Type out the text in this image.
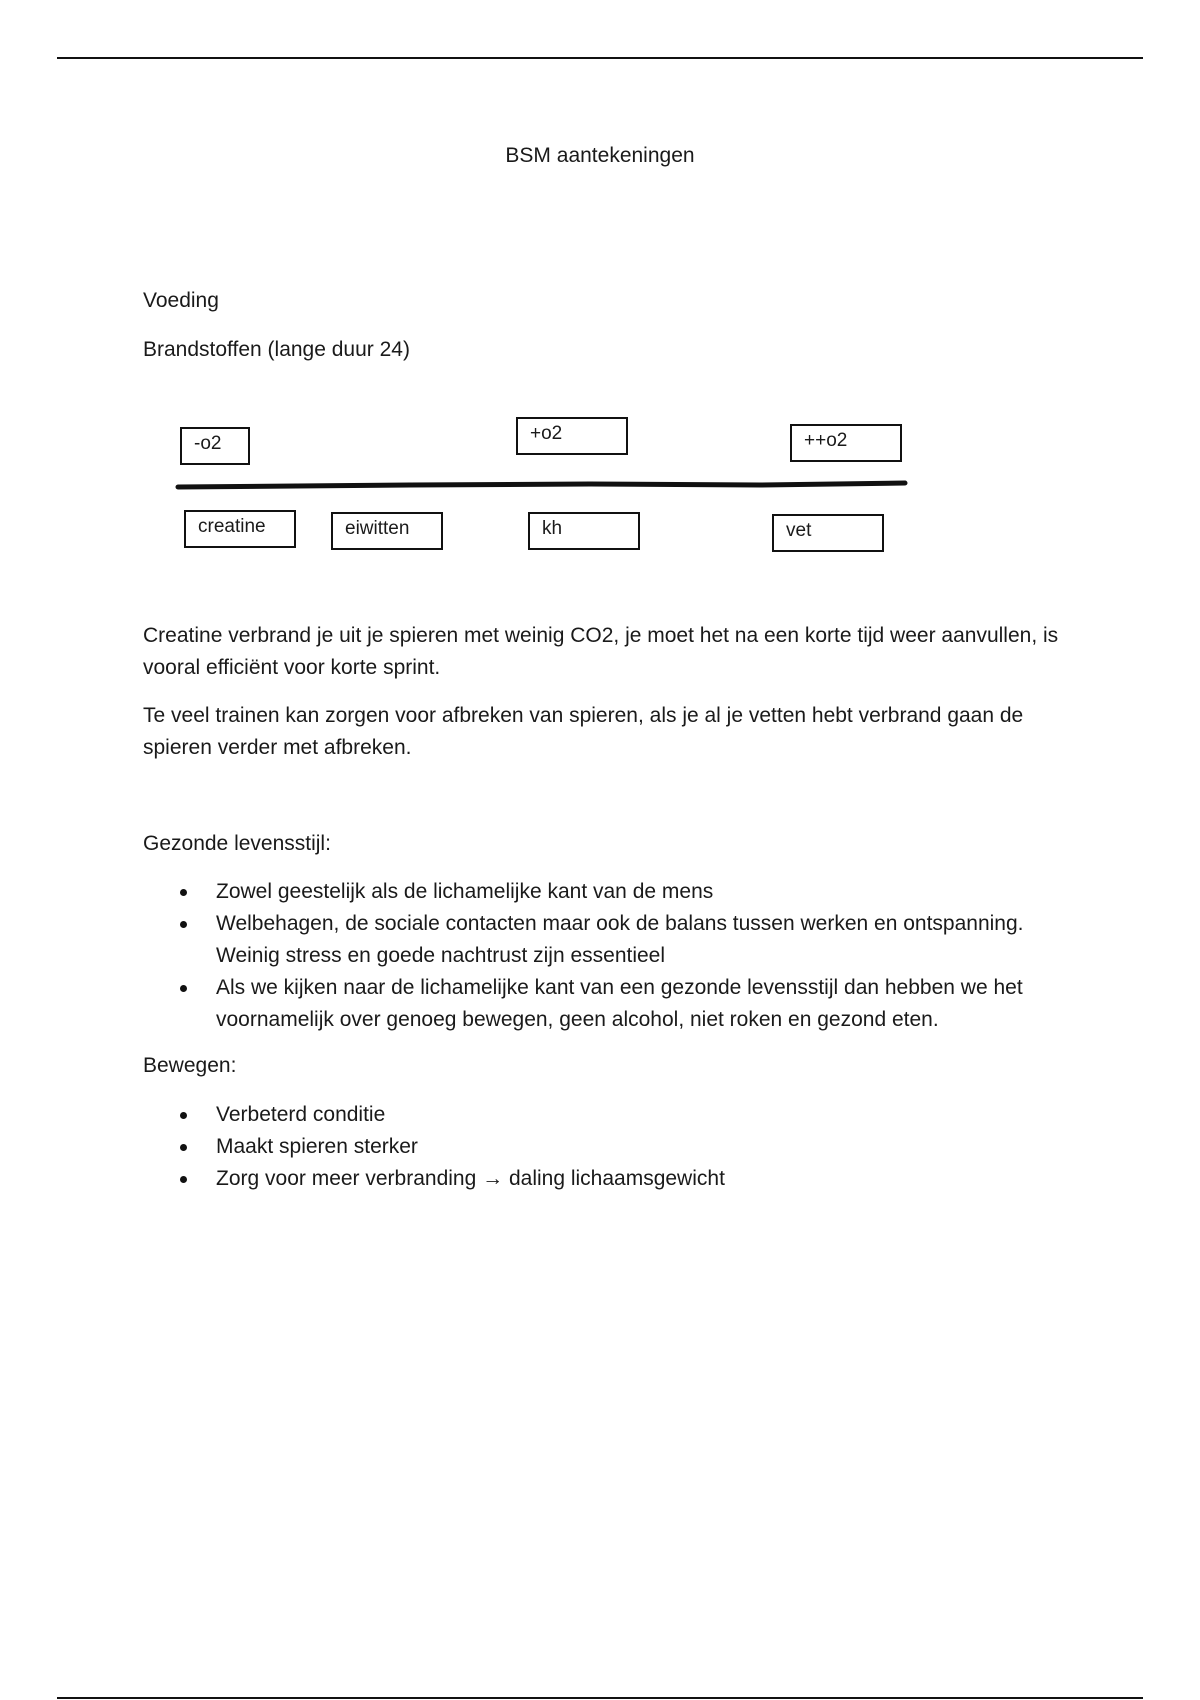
BSM aantekeningen
Voeding
Brandstoffen (lange duur 24)
-o2	+o2	++o2
creatine	eiwitten	kh	vet

Creatine verbrand je uit je spieren met weinig CO2, je moet het na een korte tijd weer aanvullen, is vooral efficiënt voor korte sprint.

Te veel trainen kan zorgen voor afbreken van spieren, als je al je vetten hebt verbrand gaan de spieren verder met afbreken.

Gezonde levensstijl:
Zowel geestelijk als de lichamelijke kant van de mens
Welbehagen, de sociale contacten maar ook de balans tussen werken en ontspanning. Weinig stress en goede nachtrust zijn essentieel
Als we kijken naar de lichamelijke kant van een gezonde levensstijl dan hebben we het voornamelijk over genoeg bewegen, geen alcohol, niet roken en gezond eten.
Bewegen:
Verbeterd conditie
Maakt spieren sterker
Zorg voor meer verbranding → daling lichaamsgewicht
